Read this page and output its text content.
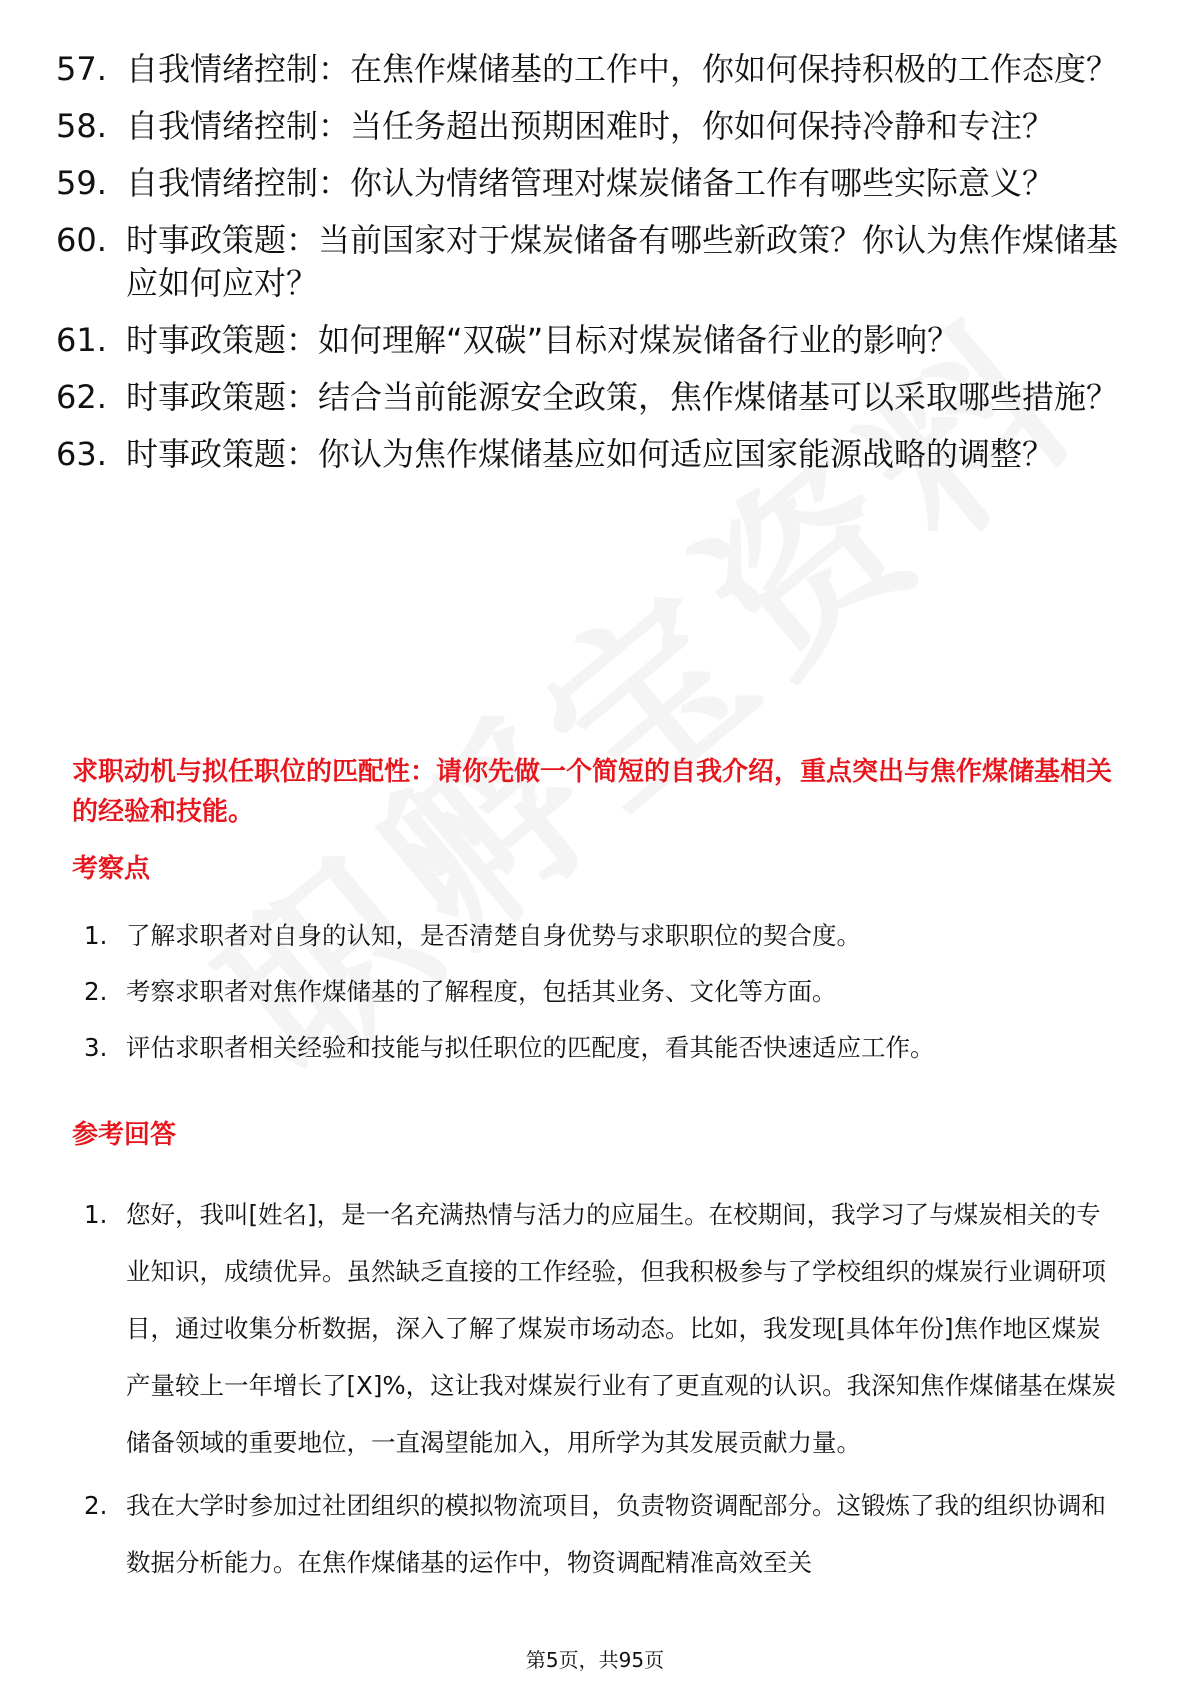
57. 自我情绪控制：在焦作煤储基的工作中，你如何保持积极的工作态度？
58. 自我情绪控制：当任务超出预期困难时，你如何保持冷静和专注？
59. 自我情绪控制：你认为情绪管理对煤炭储备工作有哪些实际意义？
60. 时事政策题：当前国家对于煤炭储备有哪些新政策？你认为焦作煤储基应如何应对？
61. 时事政策题：如何理解“双碳”目标对煤炭储备行业的影响？
62. 时事政策题：结合当前能源安全政策，焦作煤储基可以采取哪些措施？
63. 时事政策题：你认为焦作煤储基应如何适应国家能源战略的调整？
求职动机与拟任职位的匹配性：请你先做一个简短的自我介绍，重点突出与焦作煤储基相关的经验和技能。
考察点
1. 了解求职者对自身的认知，是否清楚自身优势与求职职位的契合度。
2. 考察求职者对焦作煤储基的了解程度，包括其业务、文化等方面。
3. 评估求职者相关经验和技能与拟任职位的匹配度，看其能否快速适应工作。
参考回答
1. 您好，我叫[姓名]，是一名充满热情与活力的应届生。在校期间，我学习了与煤炭相关的专业知识，成绩优异。虽然缺乏直接的工作经验，但我积极参与了学校组织的煤炭行业调研项目，通过收集分析数据，深入了解了煤炭市场动态。比如，我发现[具体年份]焦作地区煤炭产量较上一年增长了[X]%，这让我对煤炭行业有了更直观的认识。我深知焦作煤储基在煤炭储备领域的重要地位，一直渴望能加入，用所学为其发展贡献力量。
2. 我在大学时参加过社团组织的模拟物流项目，负责物资调配部分。这锻炼了我的组织协调和数据分析能力。在焦作煤储基的运作中，物资调配精准高效至关
第5页，共95页
